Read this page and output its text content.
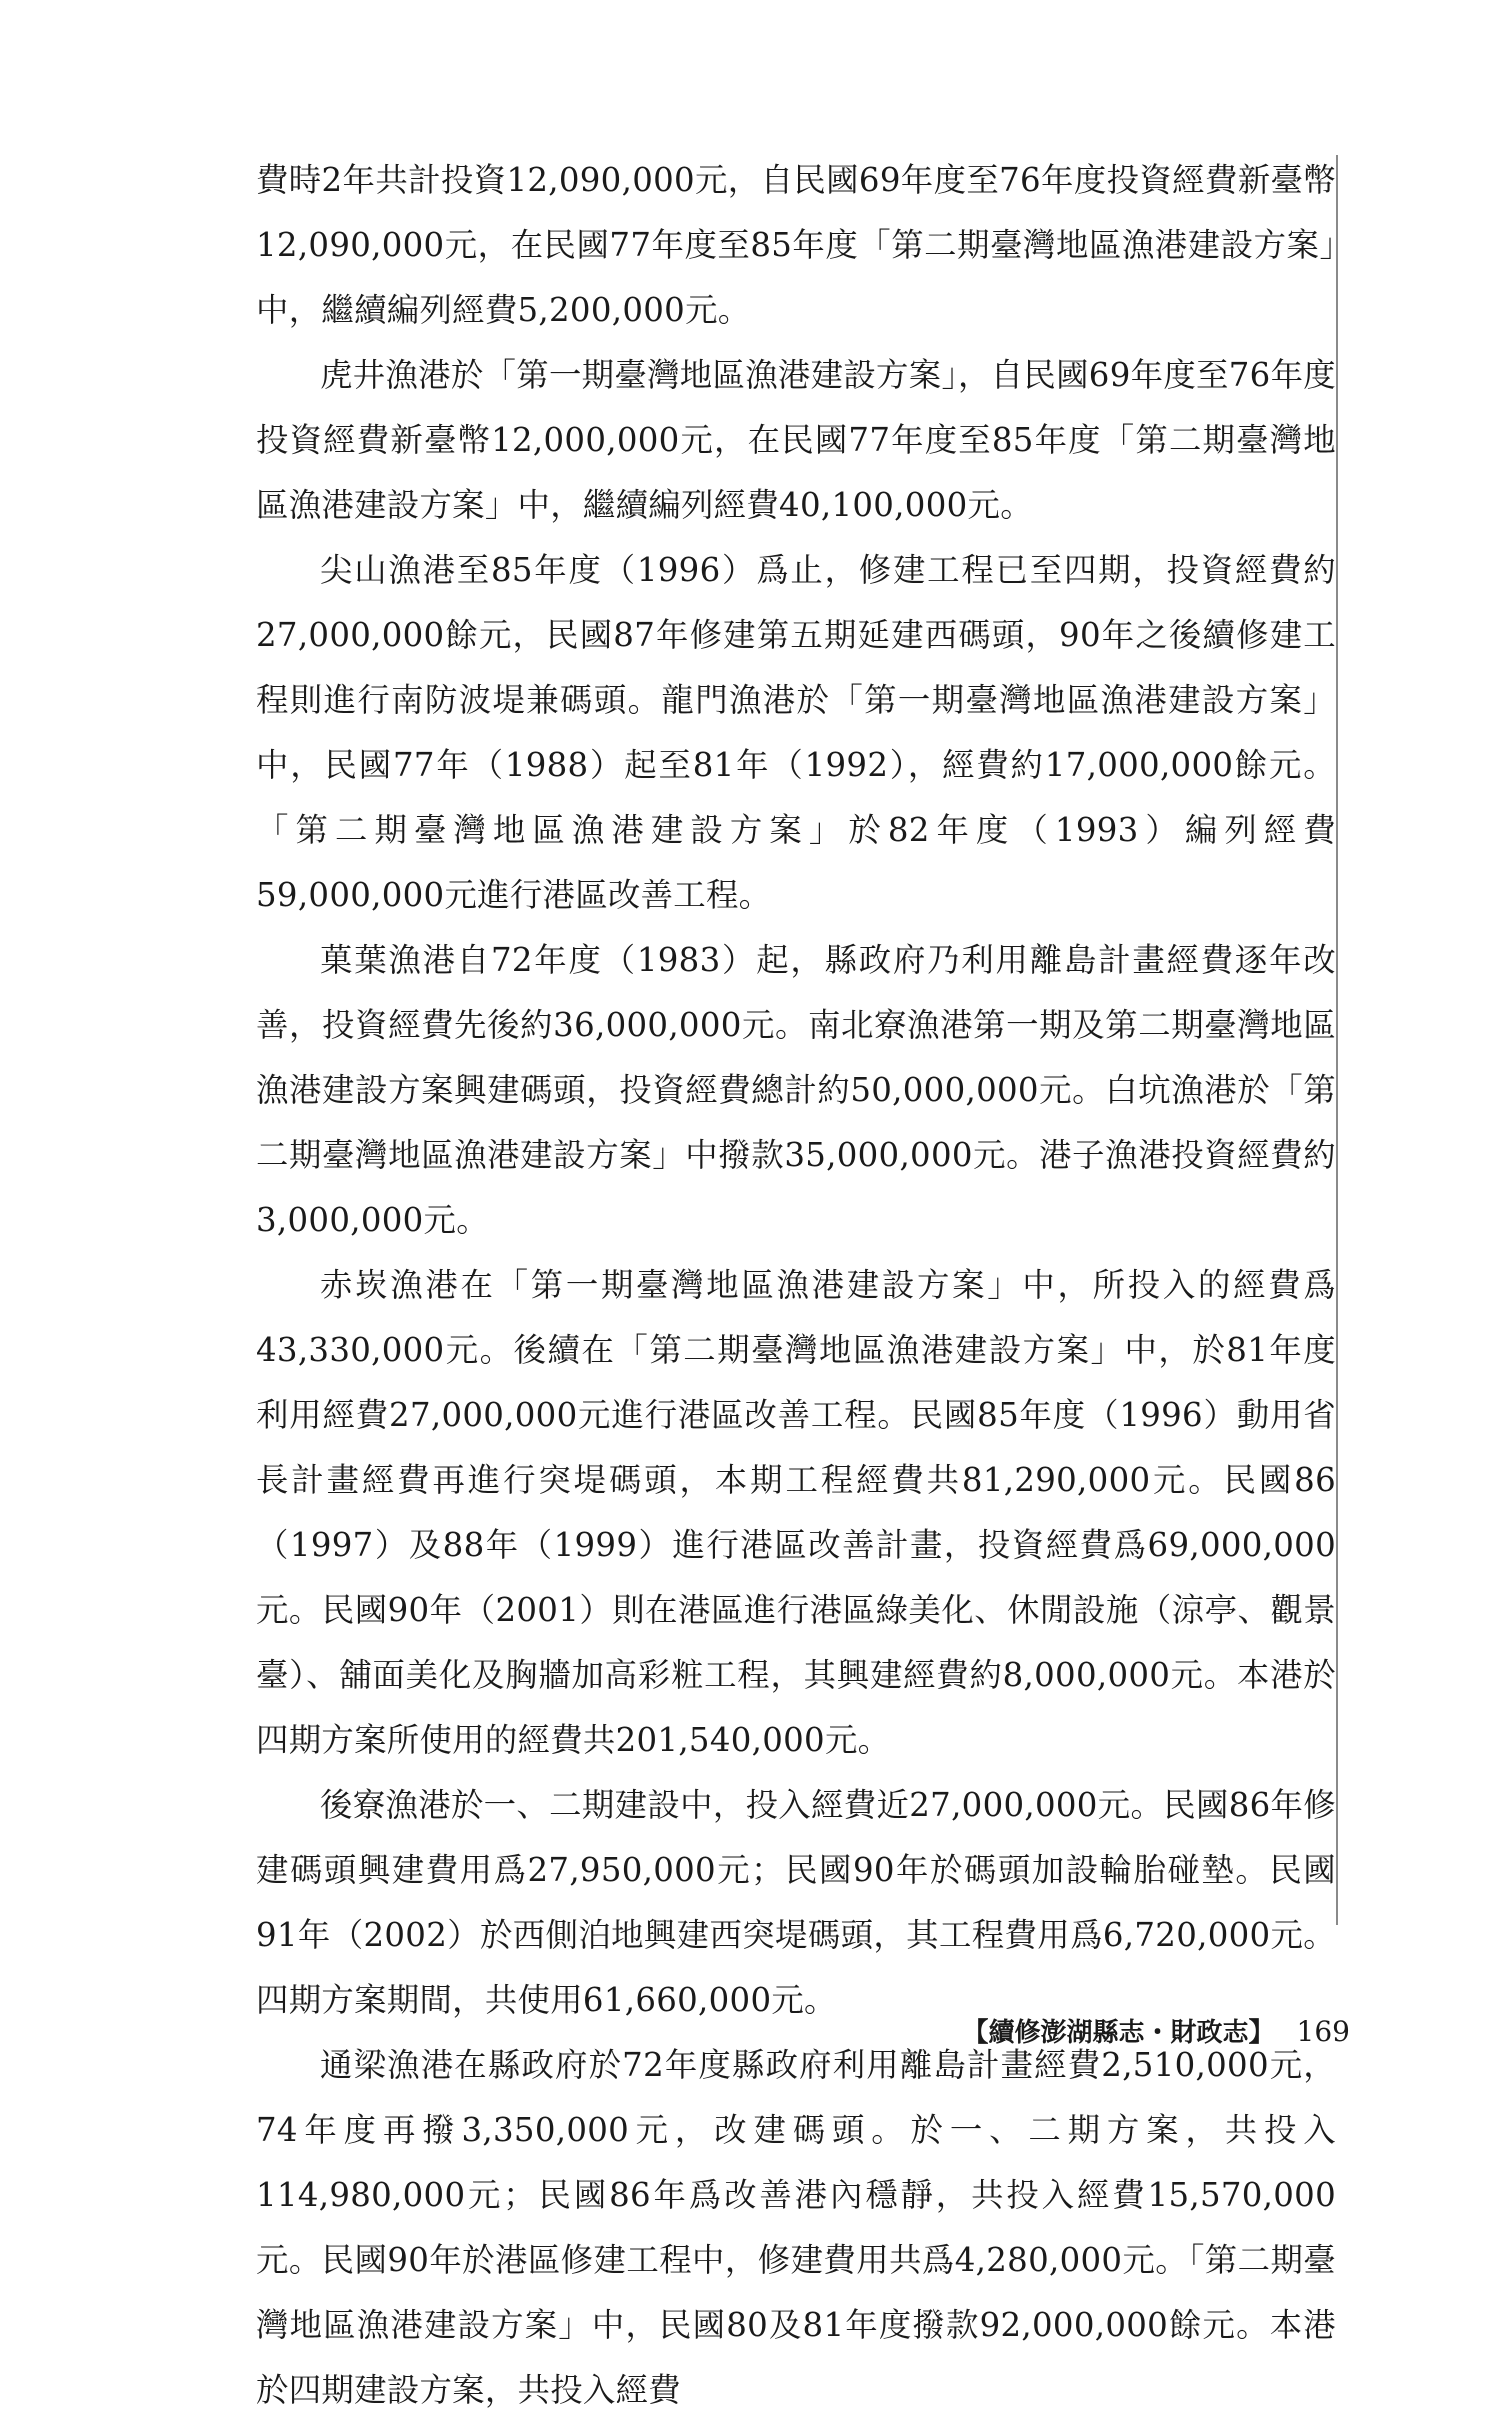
費時2年共計投資12,090,000元，自民國69年度至76年度投資經費新臺幣12,090,000元，在民國77年度至85年度「第二期臺灣地區漁港建設方案」中，繼續編列經費5,200,000元。

虎井漁港於「第一期臺灣地區漁港建設方案」，自民國69年度至76年度投資經費新臺幣12,000,000元，在民國77年度至85年度「第二期臺灣地區漁港建設方案」中，繼續編列經費40,100,000元。

尖山漁港至85年度（1996）爲止，修建工程已至四期，投資經費約27,000,000餘元，民國87年修建第五期延建西碼頭，90年之後續修建工程則進行南防波堤兼碼頭。龍門漁港於「第一期臺灣地區漁港建設方案」中，民國77年（1988）起至81年（1992），經費約17,000,000餘元。「第二期臺灣地區漁港建設方案」於82年度（1993）編列經費59,000,000元進行港區改善工程。

菓葉漁港自72年度（1983）起，縣政府乃利用離島計畫經費逐年改善，投資經費先後約36,000,000元。南北寮漁港第一期及第二期臺灣地區漁港建設方案興建碼頭，投資經費總計約50,000,000元。白坑漁港於「第二期臺灣地區漁港建設方案」中撥款35,000,000元。港子漁港投資經費約3,000,000元。

赤崁漁港在「第一期臺灣地區漁港建設方案」中，所投入的經費爲43,330,000元。後續在「第二期臺灣地區漁港建設方案」中，於81年度利用經費27,000,000元進行港區改善工程。民國85年度（1996）動用省長計畫經費再進行突堤碼頭，本期工程經費共81,290,000元。民國86（1997）及88年（1999）進行港區改善計畫，投資經費爲69,000,000元。民國90年（2001）則在港區進行港區綠美化、休閒設施（涼亭、觀景臺）、舖面美化及胸牆加高彩粧工程，其興建經費約8,000,000元。本港於四期方案所使用的經費共201,540,000元。

後寮漁港於一、二期建設中，投入經費近27,000,000元。民國86年修建碼頭興建費用爲27,950,000元；民國90年於碼頭加設輪胎碰墊。民國91年（2002）於西側泊地興建西突堤碼頭，其工程費用爲6,720,000元。四期方案期間，共使用61,660,000元。

通梁漁港在縣政府於72年度縣政府利用離島計畫經費2,510,000元，74年度再撥3,350,000元，改建碼頭。於一、二期方案，共投入114,980,000元；民國86年爲改善港內穩靜，共投入經費15,570,000元。民國90年於港區修建工程中，修建費用共爲4,280,000元。「第二期臺灣地區漁港建設方案」中，民國80及81年度撥款92,000,000餘元。本港於四期建設方案，共投入經費

【續修澎湖縣志・財政志】 169
